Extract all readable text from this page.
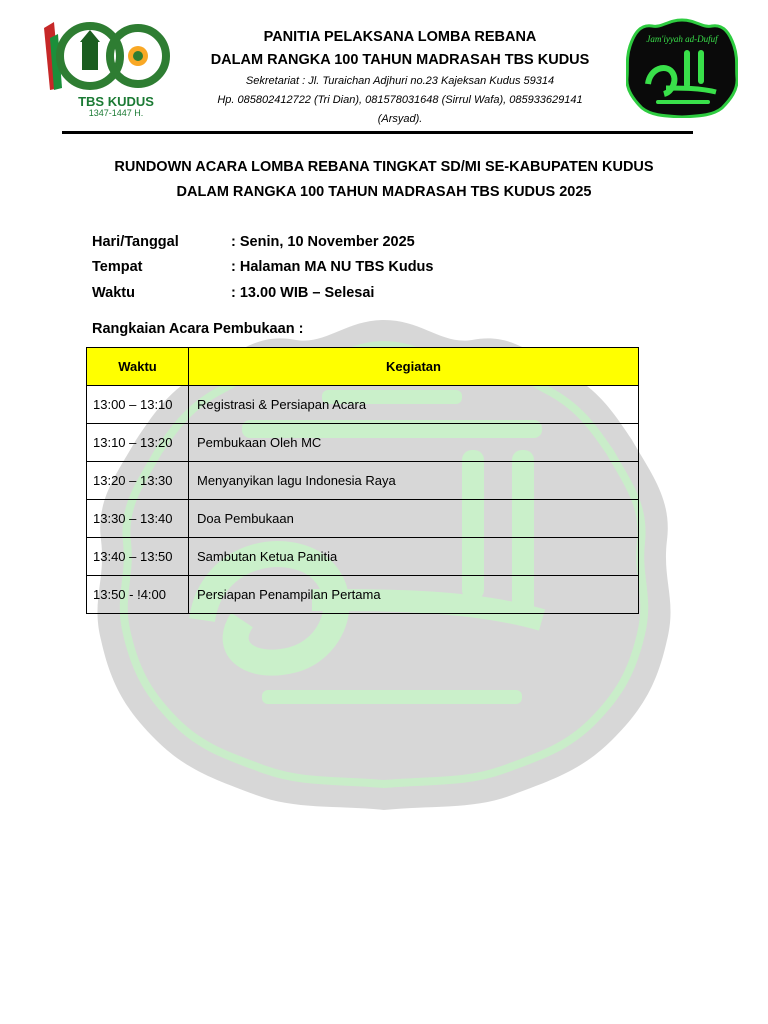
TBS KUDUS
1347-1447 H.
Jam'iyyah ad-Dufuf
PANITIA PELAKSANA LOMBA REBANA
DALAM RANGKA 100 TAHUN MADRASAH TBS KUDUS
Sekretariat : Jl. Turaichan Adjhuri no.23 Kajeksan Kudus 59314
Hp. 085802412722 (Tri Dian), 081578031648 (Sirrul Wafa), 085933629141
(Arsyad).
RUNDOWN ACARA LOMBA REBANA TINGKAT SD/MI SE-KABUPATEN KUDUS
DALAM RANGKA 100 TAHUN MADRASAH TBS KUDUS 2025
Hari/Tanggal	: Senin, 10 November 2025
Tempat	: Halaman MA NU TBS Kudus
Waktu	: 13.00 WIB – Selesai
Rangkaian Acara Pembukaan :
Waktu	Kegiatan
13:00 – 13:10	Registrasi & Persiapan Acara
13:10 – 13:20	Pembukaan Oleh MC
13:20 – 13:30	Menyanyikan lagu Indonesia Raya
13:30 – 13:40	Doa Pembukaan
13:40 – 13:50	Sambutan Ketua Panitia
13:50 - !4:00	Persiapan Penampilan Pertama
